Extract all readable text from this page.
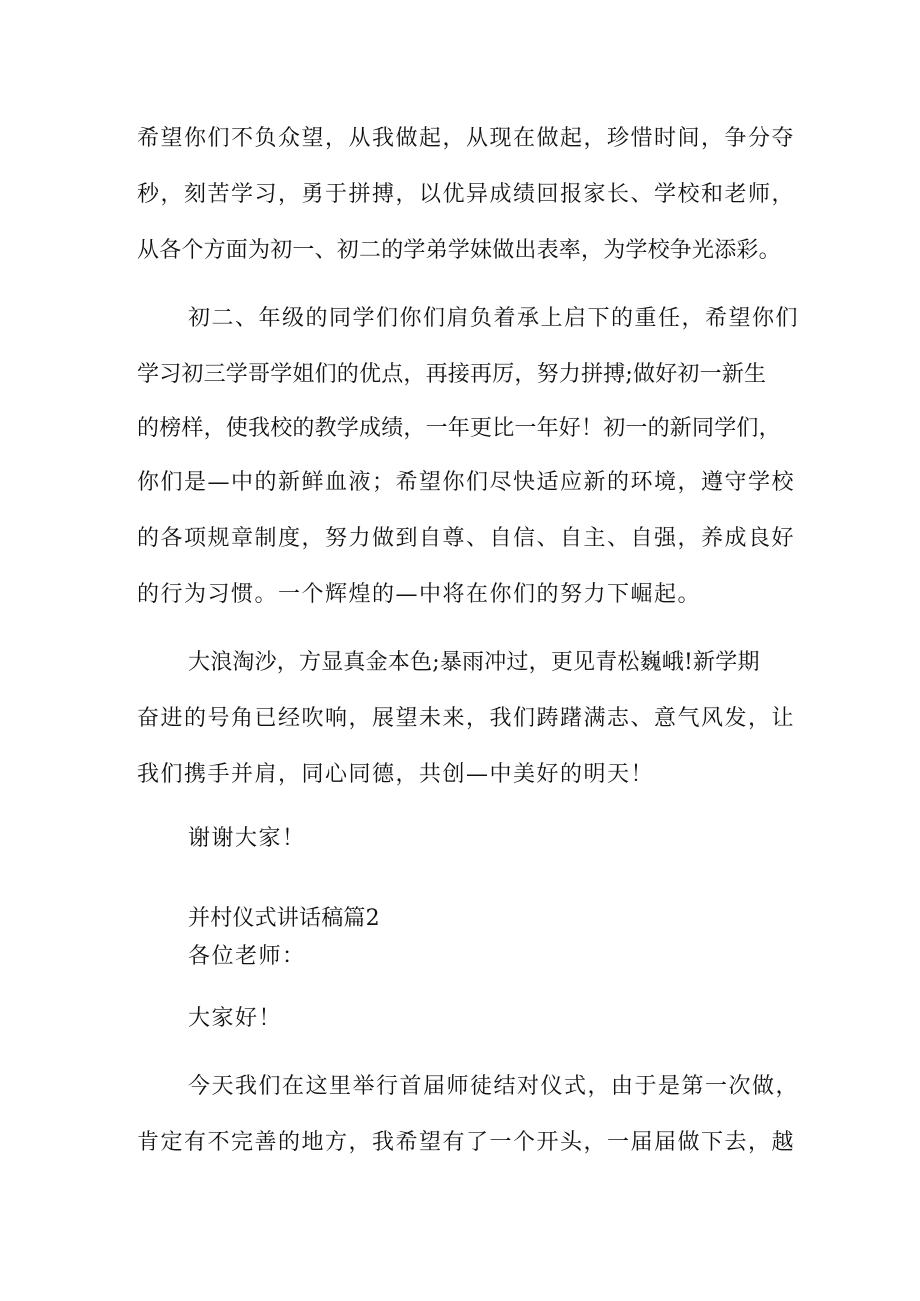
希望你们不负众望，从我做起，从现在做起，珍惜时间，争分夺
秒，刻苦学习，勇于拼搏，以优异成绩回报家长、学校和老师，
从各个方面为初一、初二的学弟学妹做出表率，为学校争光添彩。
初二、年级的同学们你们肩负着承上启下的重任，希望你们
学习初三学哥学姐们的优点，再接再厉，努力拼搏;做好初一新生
的榜样，使我校的教学成绩，一年更比一年好！初一的新同学们，
你们是—中的新鲜血液；希望你们尽快适应新的环境，遵守学校
的各项规章制度，努力做到自尊、自信、自主、自强，养成良好
的行为习惯。一个辉煌的—中将在你们的努力下崛起。
大浪淘沙，方显真金本色;暴雨冲过，更见青松巍峨!新学期
奋进的号角已经吹响，展望未来，我们踌躇满志、意气风发，让
我们携手并肩，同心同德，共创—中美好的明天！
谢谢大家！
并村仪式讲话稿篇2
各位老师：
大家好！
今天我们在这里举行首届师徒结对仪式，由于是第一次做，
肯定有不完善的地方，我希望有了一个开头，一届届做下去，越
